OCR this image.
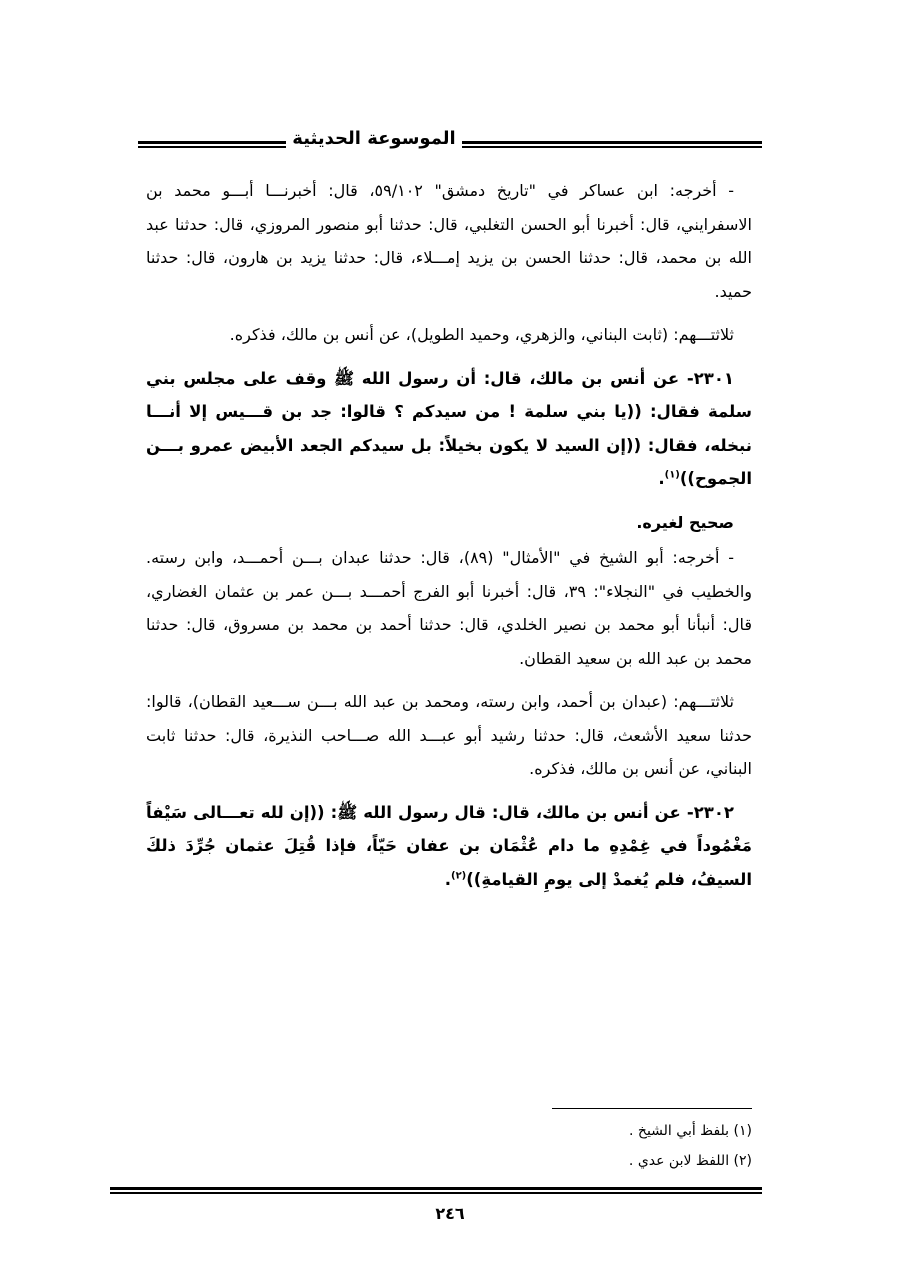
الموسوعة الحديثية

- أخرجه: ابن عساكر في "تاريخ دمشق" ٥٩/١٠٢، قال: أخبرنـــا أبـــو محمد بن الاسفرايني، قال: أخبرنا أبو الحسن التغلبي، قال: حدثنا أبو منصور المروزي، قال: حدثنا عبد الله بن محمد، قال: حدثنا الحسن بن يزيد إمـــلاء، قال: حدثنا يزيد بن هارون، قال: حدثنا حميد.

ثلاثتـــهم: (ثابت البناني، والزهري، وحميد الطويل)، عن أنس بن مالك، فذكره.

٢٣٠١- عن أنس بن مالك، قال: أن رسول الله ﷺ وقف على مجلس بني سلمة فقال: ((يا بني سلمة ! من سيدكم ؟ قالوا: جد بن قـــيس إلا أنـــا نبخله، فقال: ((إن السيد لا يكون بخيلاً: بل سيدكم الجعد الأبيض عمرو بـــن الجموح))$^{(١)}$.

صحيح لغيره.

- أخرجه: أبو الشيخ في "الأمثال" (٨٩)، قال: حدثنا عبدان بـــن أحمـــد، وابن رسته. والخطيب في "النجلاء": ٣٩، قال: أخبرنا أبو الفرج أحمـــد بـــن عمر بن عثمان الغضاري، قال: أنبأنا أبو محمد بن نصير الخلدي، قال: حدثنا أحمد بن محمد بن مسروق، قال: حدثنا محمد بن عبد الله بن سعيد القطان.

ثلاثتـــهم: (عبدان بن أحمد، وابن رسته، ومحمد بن عبد الله بـــن ســـعيد القطان)، قالوا: حدثنا سعيد الأشعث، قال: حدثنا رشيد أبو عبـــد الله صـــاحب النذيرة، قال: حدثنا ثابت البناني، عن أنس بن مالك، فذكره.

٢٣٠٢- عن أنس بن مالك، قال: قال رسول الله ﷺ: ((إن لله تعـــالى سَيْفاً مَغْمُوداً في غِمْدِهِ ما دام عُثْمَان بن عفان حَيّاً، فإذا قُتِلَ عثمان جُرِّدَ ذلكَ السيفُ، فلم يُغمدْ إلى يومِ القيامةِ))$^{(٢)}$.

(١) بلفظ أبي الشيخ .
(٢) اللفظ لابن عدي .
٢٤٦
